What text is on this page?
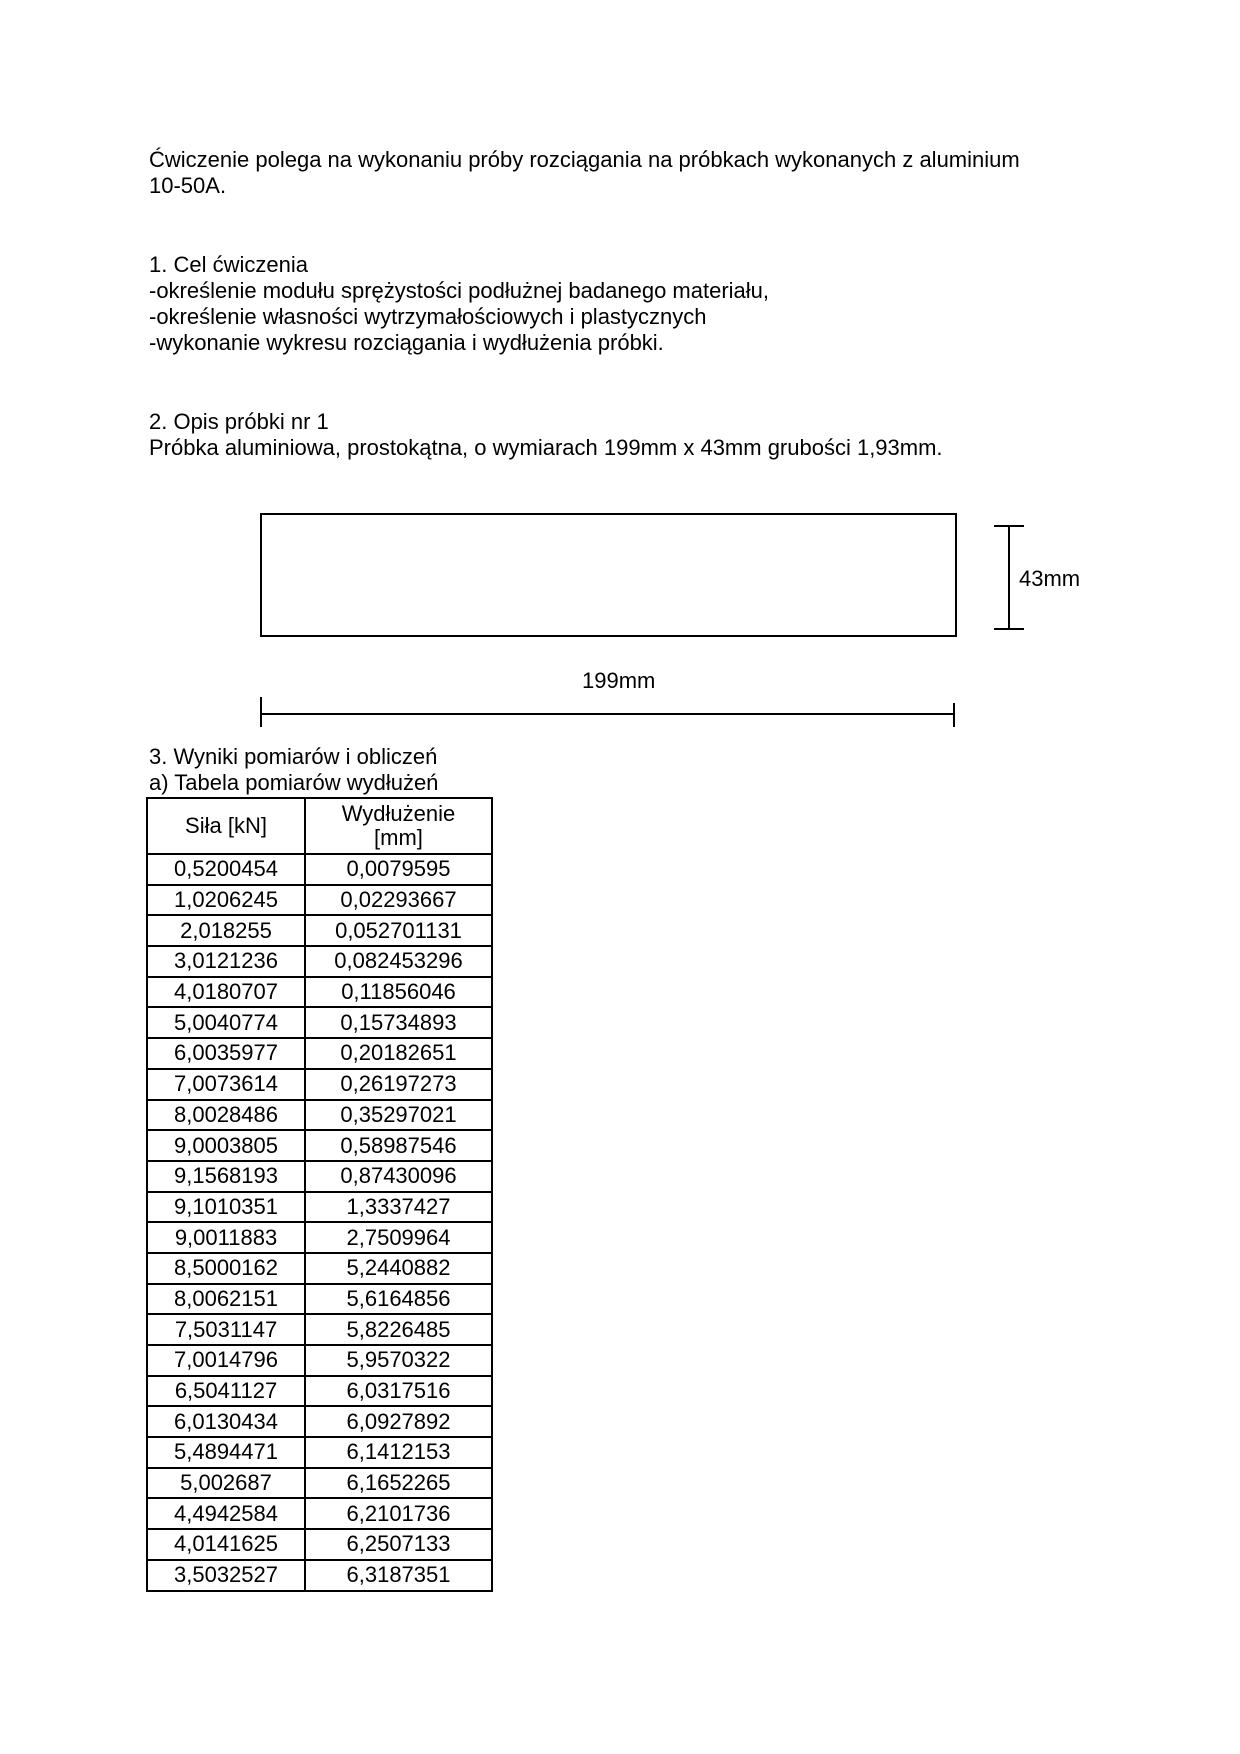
Ćwiczenie polega na wykonaniu próby rozciągania na próbkach wykonanych z aluminium
10-50A.
1. Cel ćwiczenia
-określenie modułu sprężystości podłużnej badanego materiału,
-określenie własności wytrzymałościowych i plastycznych
-wykonanie wykresu rozciągania i wydłużenia próbki.
2. Opis próbki nr 1
Próbka aluminiowa, prostokątna, o wymiarach 199mm x 43mm grubości 1,93mm.
43mm
199mm
3. Wyniki pomiarów i obliczeń
a) Tabela pomiarów wydłużeń
Siła [kN]	Wydłużenie [mm]
0,5200454	0,0079595
1,0206245	0,02293667
2,018255	0,052701131
3,0121236	0,082453296
4,0180707	0,11856046
5,0040774	0,15734893
6,0035977	0,20182651
7,0073614	0,26197273
8,0028486	0,35297021
9,0003805	0,58987546
9,1568193	0,87430096
9,1010351	1,3337427
9,0011883	2,7509964
8,5000162	5,2440882
8,0062151	5,6164856
7,5031147	5,8226485
7,0014796	5,9570322
6,5041127	6,0317516
6,0130434	6,0927892
5,4894471	6,1412153
5,002687	6,1652265
4,4942584	6,2101736
4,0141625	6,2507133
3,5032527	6,3187351
